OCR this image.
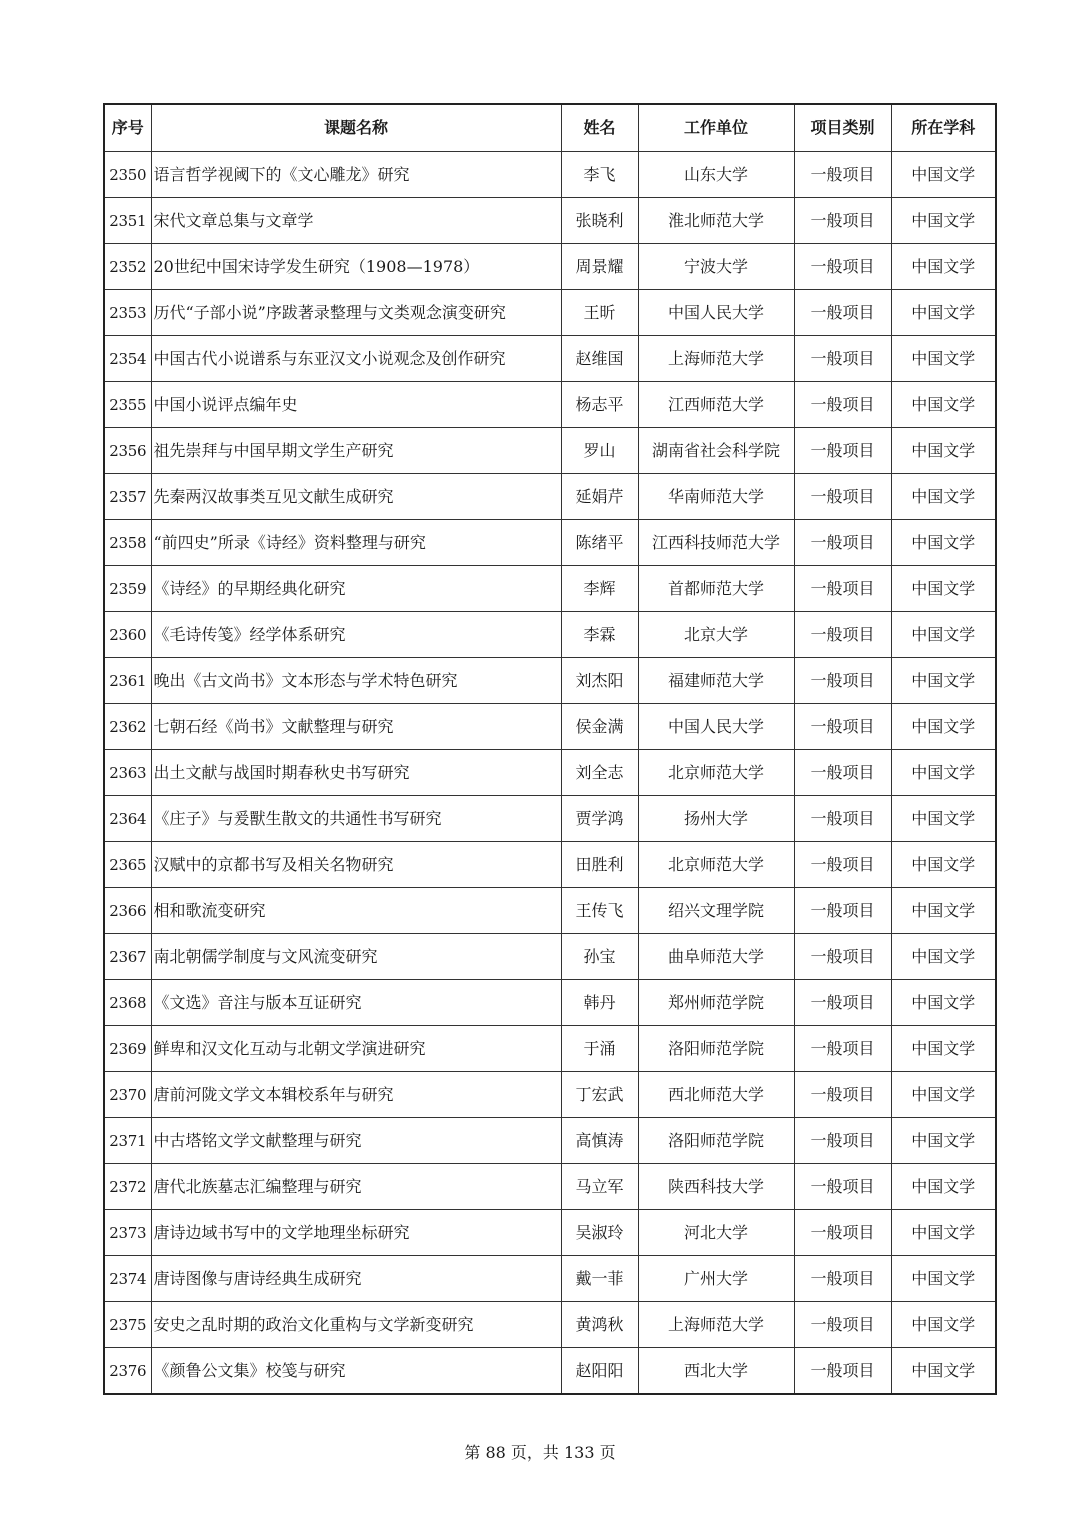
序号	课题名称	姓名	工作单位	项目类别	所在学科
2350	语言哲学视阈下的《文心雕龙》研究	李飞	山东大学	一般项目	中国文学
2351	宋代文章总集与文章学	张晓利	淮北师范大学	一般项目	中国文学
2352	20世纪中国宋诗学发生研究（1908—1978）	周景耀	宁波大学	一般项目	中国文学
2353	历代“子部小说”序跋著录整理与文类观念演变研究	王昕	中国人民大学	一般项目	中国文学
2354	中国古代小说谱系与东亚汉文小说观念及创作研究	赵维国	上海师范大学	一般项目	中国文学
2355	中国小说评点编年史	杨志平	江西师范大学	一般项目	中国文学
2356	祖先崇拜与中国早期文学生产研究	罗山	湖南省社会科学院	一般项目	中国文学
2357	先秦两汉故事类互见文献生成研究	延娟芹	华南师范大学	一般项目	中国文学
2358	“前四史”所录《诗经》资料整理与研究	陈绪平	江西科技师范大学	一般项目	中国文学
2359	《诗经》的早期经典化研究	李辉	首都师范大学	一般项目	中国文学
2360	《毛诗传笺》经学体系研究	李霖	北京大学	一般项目	中国文学
2361	晚出《古文尚书》文本形态与学术特色研究	刘杰阳	福建师范大学	一般项目	中国文学
2362	七朝石经《尚书》文献整理与研究	侯金满	中国人民大学	一般项目	中国文学
2363	出土文献与战国时期春秋史书写研究	刘全志	北京师范大学	一般项目	中国文学
2364	《庄子》与爰獸生散文的共通性书写研究	贾学鸿	扬州大学	一般项目	中国文学
2365	汉赋中的京都书写及相关名物研究	田胜利	北京师范大学	一般项目	中国文学
2366	相和歌流变研究	王传飞	绍兴文理学院	一般项目	中国文学
2367	南北朝儒学制度与文风流变研究	孙宝	曲阜师范大学	一般项目	中国文学
2368	《文选》音注与版本互证研究	韩丹	郑州师范学院	一般项目	中国文学
2369	鲜卑和汉文化互动与北朝文学演进研究	于涌	洛阳师范学院	一般项目	中国文学
2370	唐前河陇文学文本辑校系年与研究	丁宏武	西北师范大学	一般项目	中国文学
2371	中古塔铭文学文献整理与研究	高慎涛	洛阳师范学院	一般项目	中国文学
2372	唐代北族墓志汇编整理与研究	马立军	陕西科技大学	一般项目	中国文学
2373	唐诗边域书写中的文学地理坐标研究	吴淑玲	河北大学	一般项目	中国文学
2374	唐诗图像与唐诗经典生成研究	戴一菲	广州大学	一般项目	中国文学
2375	安史之乱时期的政治文化重构与文学新变研究	黄鸿秋	上海师范大学	一般项目	中国文学
2376	《颜鲁公文集》校笺与研究	赵阳阳	西北大学	一般项目	中国文学
第 88 页，共 133 页
